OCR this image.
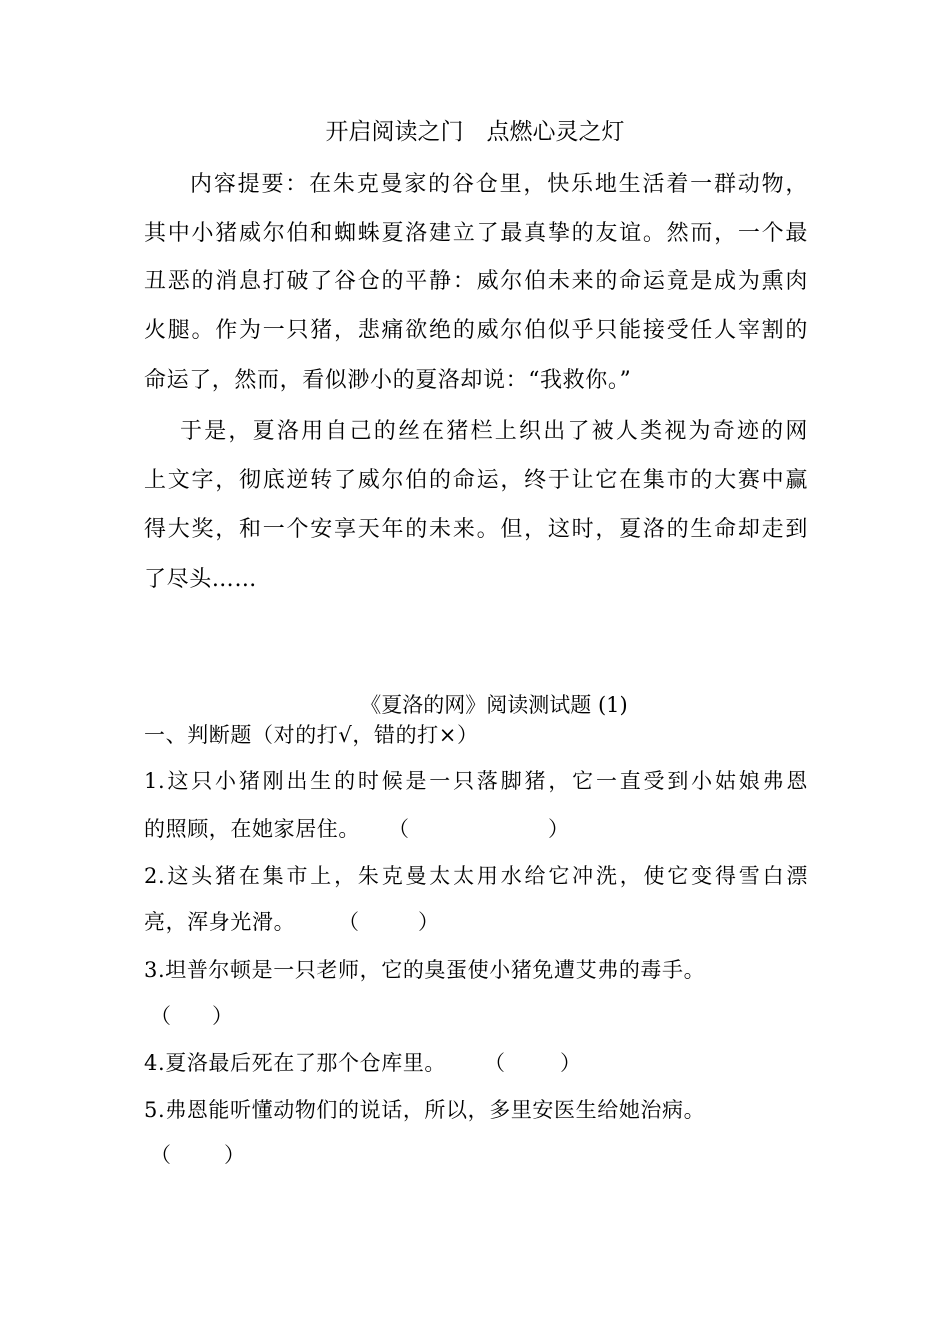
开启阅读之门　点燃心灵之灯
内容提要：在朱克曼家的谷仓里，快乐地生活着一群动物，
其中小猪威尔伯和蜘蛛夏洛建立了最真挚的友谊。然而，一个最
丑恶的消息打破了谷仓的平静：威尔伯未来的命运竟是成为熏肉
火腿。作为一只猪，悲痛欲绝的威尔伯似乎只能接受任人宰割的
命运了，然而，看似渺小的夏洛却说：“我救你。”
于是，夏洛用自己的丝在猪栏上织出了被人类视为奇迹的网
上文字，彻底逆转了威尔伯的命运，终于让它在集市的大赛中赢
得大奖，和一个安享天年的未来。但，这时，夏洛的生命却走到
了尽头……
《夏洛的网》阅读测试题 (1)
一、判断题（对的打√，错的打×）
1.这只小猪刚出生的时候是一只落脚猪，它一直受到小姑娘弗恩
的照顾，在她家居住。	（	）
2.这头猪在集市上，朱克曼太太用水给它冲洗，使它变得雪白漂
亮，浑身光滑。	（	）
3.坦普尔顿是一只老师，它的臭蛋使小猪免遭艾弗的毒手。
（ ）
4.夏洛最后死在了那个仓库里。	（	）
5.弗恩能听懂动物们的说话，所以，多里安医生给她治病。
（	）
